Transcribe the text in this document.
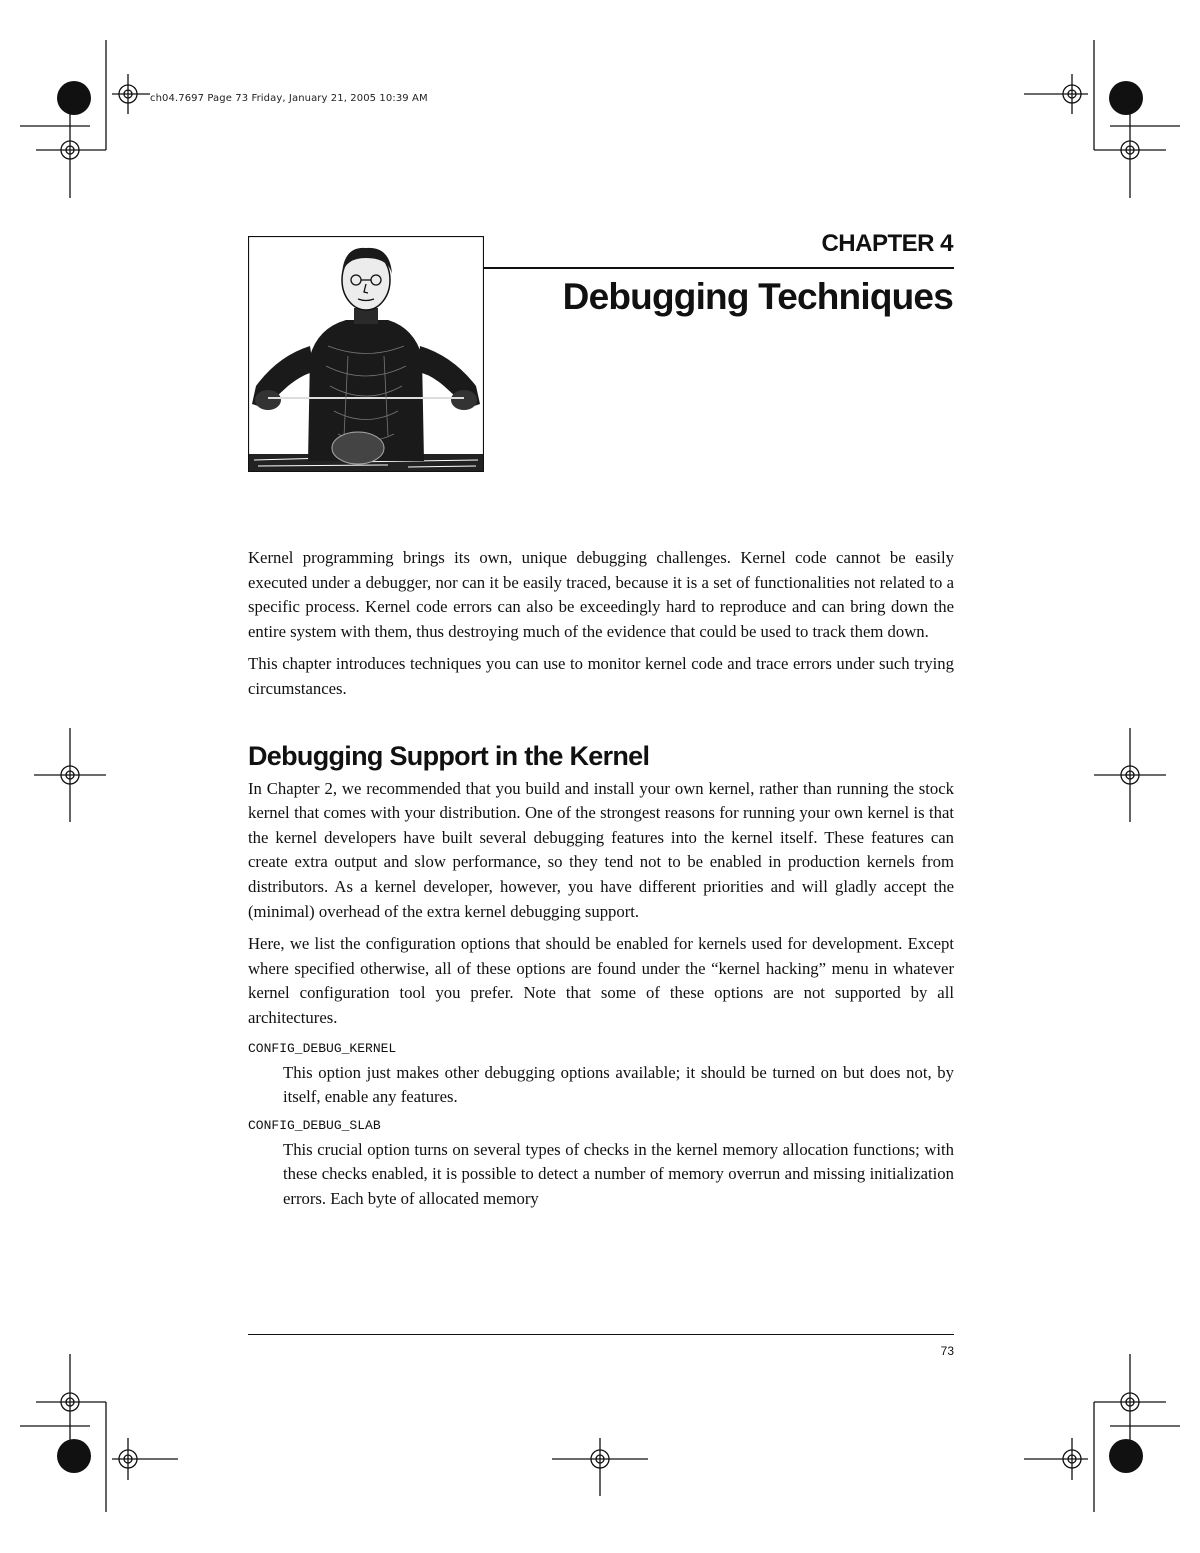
ch04.7697 Page 73 Friday, January 21, 2005 10:39 AM
CHAPTER 4
Debugging Techniques

Kernel programming brings its own, unique debugging challenges. Kernel code cannot be easily executed under a debugger, nor can it be easily traced, because it is a set of functionalities not related to a specific process. Kernel code errors can also be exceedingly hard to reproduce and can bring down the entire system with them, thus destroying much of the evidence that could be used to track them down.

This chapter introduces techniques you can use to monitor kernel code and trace errors under such trying circumstances.

Debugging Support in the Kernel

In Chapter 2, we recommended that you build and install your own kernel, rather than running the stock kernel that comes with your distribution. One of the strongest reasons for running your own kernel is that the kernel developers have built several debugging features into the kernel itself. These features can create extra output and slow performance, so they tend not to be enabled in production kernels from distributors. As a kernel developer, however, you have different priorities and will gladly accept the (minimal) overhead of the extra kernel debugging support.

Here, we list the configuration options that should be enabled for kernels used for development. Except where specified otherwise, all of these options are found under the “kernel hacking” menu in whatever kernel configuration tool you prefer. Note that some of these options are not supported by all architectures.

CONFIG_DEBUG_KERNEL

This option just makes other debugging options available; it should be turned on but does not, by itself, enable any features.

CONFIG_DEBUG_SLAB

This crucial option turns on several types of checks in the kernel memory allocation functions; with these checks enabled, it is possible to detect a number of memory overrun and missing initialization errors. Each byte of allocated memory

73
